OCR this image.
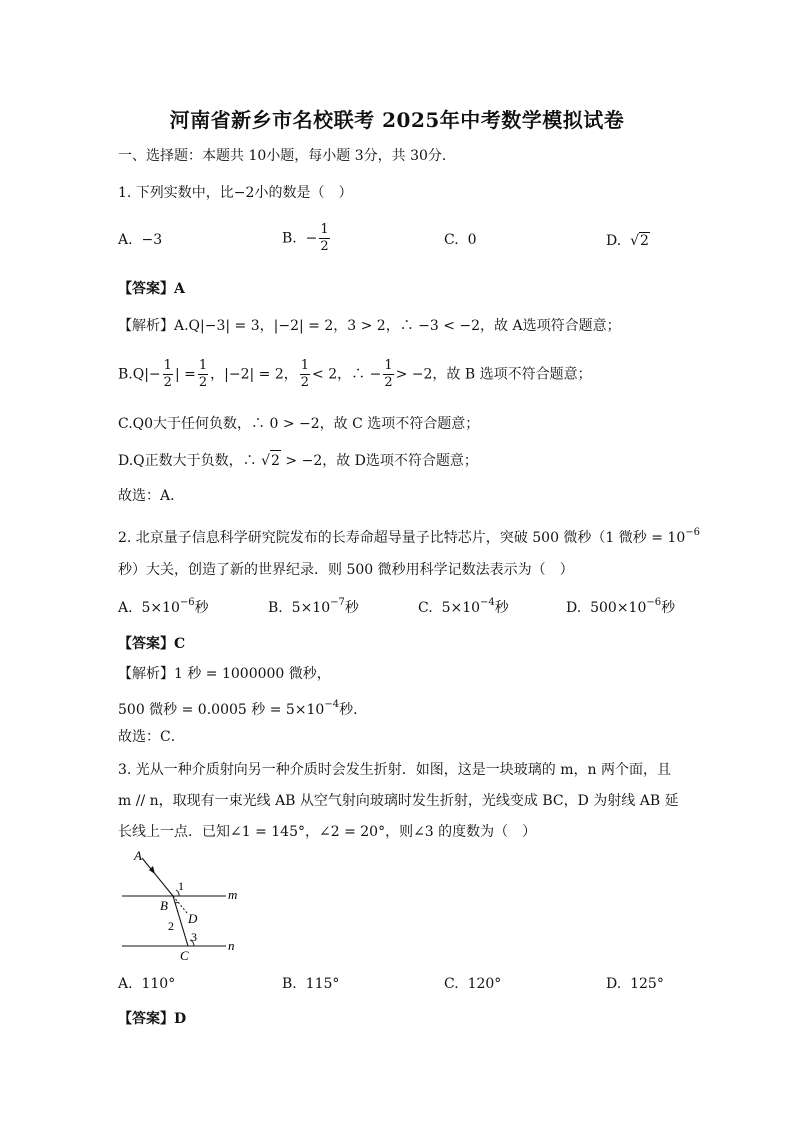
河南省新乡市名校联考 2025年中考数学模拟试卷
一、选择题：本题共 10小题，每小题 3分，共 30分．
1. 下列实数中，比−2小的数是（　）
A. −3	B. − $\frac{1}{2}$	C. 0	D.  √2
【答案】A
【解析】A.Q|−3| = 3，|−2| = 2，3 > 2，∴ −3 < −2，故 A选项符合题意；
$B.Q|- \frac{1}{2}$ | = $\frac{1}{2}$ ，|−2| = 2， $\frac{1}{2} < 2$，∴ − $\frac{1}{2} > -2$，故 B 选项不符合题意；
C.Q0大于任何负数，∴ 0 > −2，故 C 选项不符合题意；
D.Q正数大于负数，∴ √2 > −2，故 D选项不符合题意；
故选：A．
2. 北京量子信息科学研究院发布的长寿命超导量子比特芯片，突破 500 微秒（1 微秒 = $10^{-6}$
秒）大关，创造了新的世界纪录．则 500 微秒用科学记数法表示为（　）
A. $5\times 10^{-6}$秒	B. $5\times 10^{-7}$秒	C. $5\times 10^{-4}$秒	D. $500\times 10^{-6}$秒
【答案】C
【解析】1 秒 = 1000000 微秒，
500 微秒 = 0.0005 秒 = $5\times 10^{-4}$秒．
故选：C．
3. 光从一种介质射向另一种介质时会发生折射．如图，这是一块玻璃的 m，n 两个面，且
m // n，取现有一束光线 AB 从空气射向玻璃时发生折射，光线变成 BC，D 为射线 AB 延
长线上一点．已知∠1 = 145°，∠2 = 20°，则∠3 的度数为（　）
A
1
m
B
D
2
3
n
C
A. 110°	B. 115°	C. 120°	D. 125°
【答案】D
